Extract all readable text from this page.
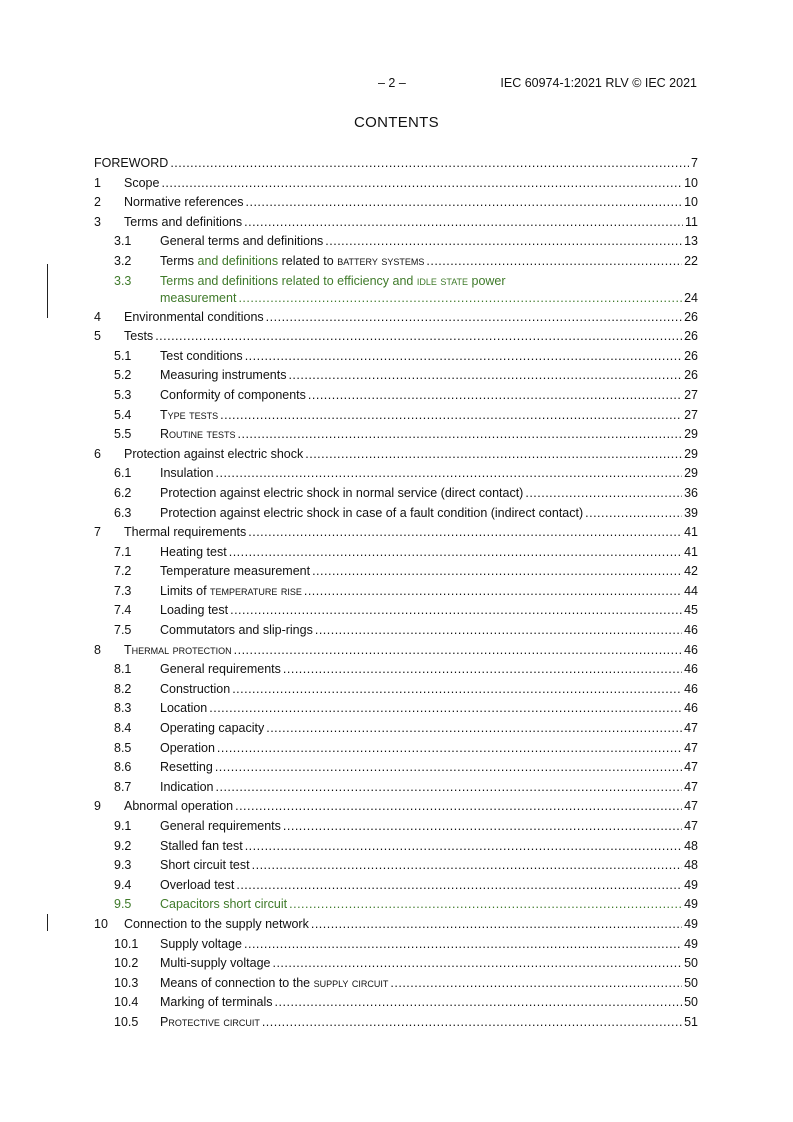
– 2 –	IEC 60974-1:2021 RLV © IEC 2021
CONTENTS
FOREWORD .....	7
1	Scope .....	10
2	Normative references .....	10
3	Terms and definitions .....	11
3.1	General terms and definitions .....	13
3.2	Terms and definitions related to battery systems .....	22
3.3	Terms and definitions related to efficiency and idle state power
measurement .....	24
4	Environmental conditions .....	26
5	Tests .....	26
5.1	Test conditions .....	26
5.2	Measuring instruments .....	26
5.3	Conformity of components .....	27
5.4	Type tests .....	27
5.5	Routine tests .....	29
6	Protection against electric shock .....	29
6.1	Insulation .....	29
6.2	Protection against electric shock in normal service (direct contact) .....	36
6.3	Protection against electric shock in case of a fault condition (indirect contact) .....	39
7	Thermal requirements .....	41
7.1	Heating test .....	41
7.2	Temperature measurement .....	42
7.3	Limits of temperature rise .....	44
7.4	Loading test .....	45
7.5	Commutators and slip-rings .....	46
8	Thermal protection .....	46
8.1	General requirements .....	46
8.2	Construction .....	46
8.3	Location .....	46
8.4	Operating capacity .....	47
8.5	Operation .....	47
8.6	Resetting .....	47
8.7	Indication .....	47
9	Abnormal operation .....	47
9.1	General requirements .....	47
9.2	Stalled fan test .....	48
9.3	Short circuit test .....	48
9.4	Overload test .....	49
9.5	Capacitors short circuit .....	49
10	Connection to the supply network .....	49
10.1	Supply voltage .....	49
10.2	Multi-supply voltage .....	50
10.3	Means of connection to the supply circuit .....	50
10.4	Marking of terminals .....	50
10.5	Protective circuit .....	51
